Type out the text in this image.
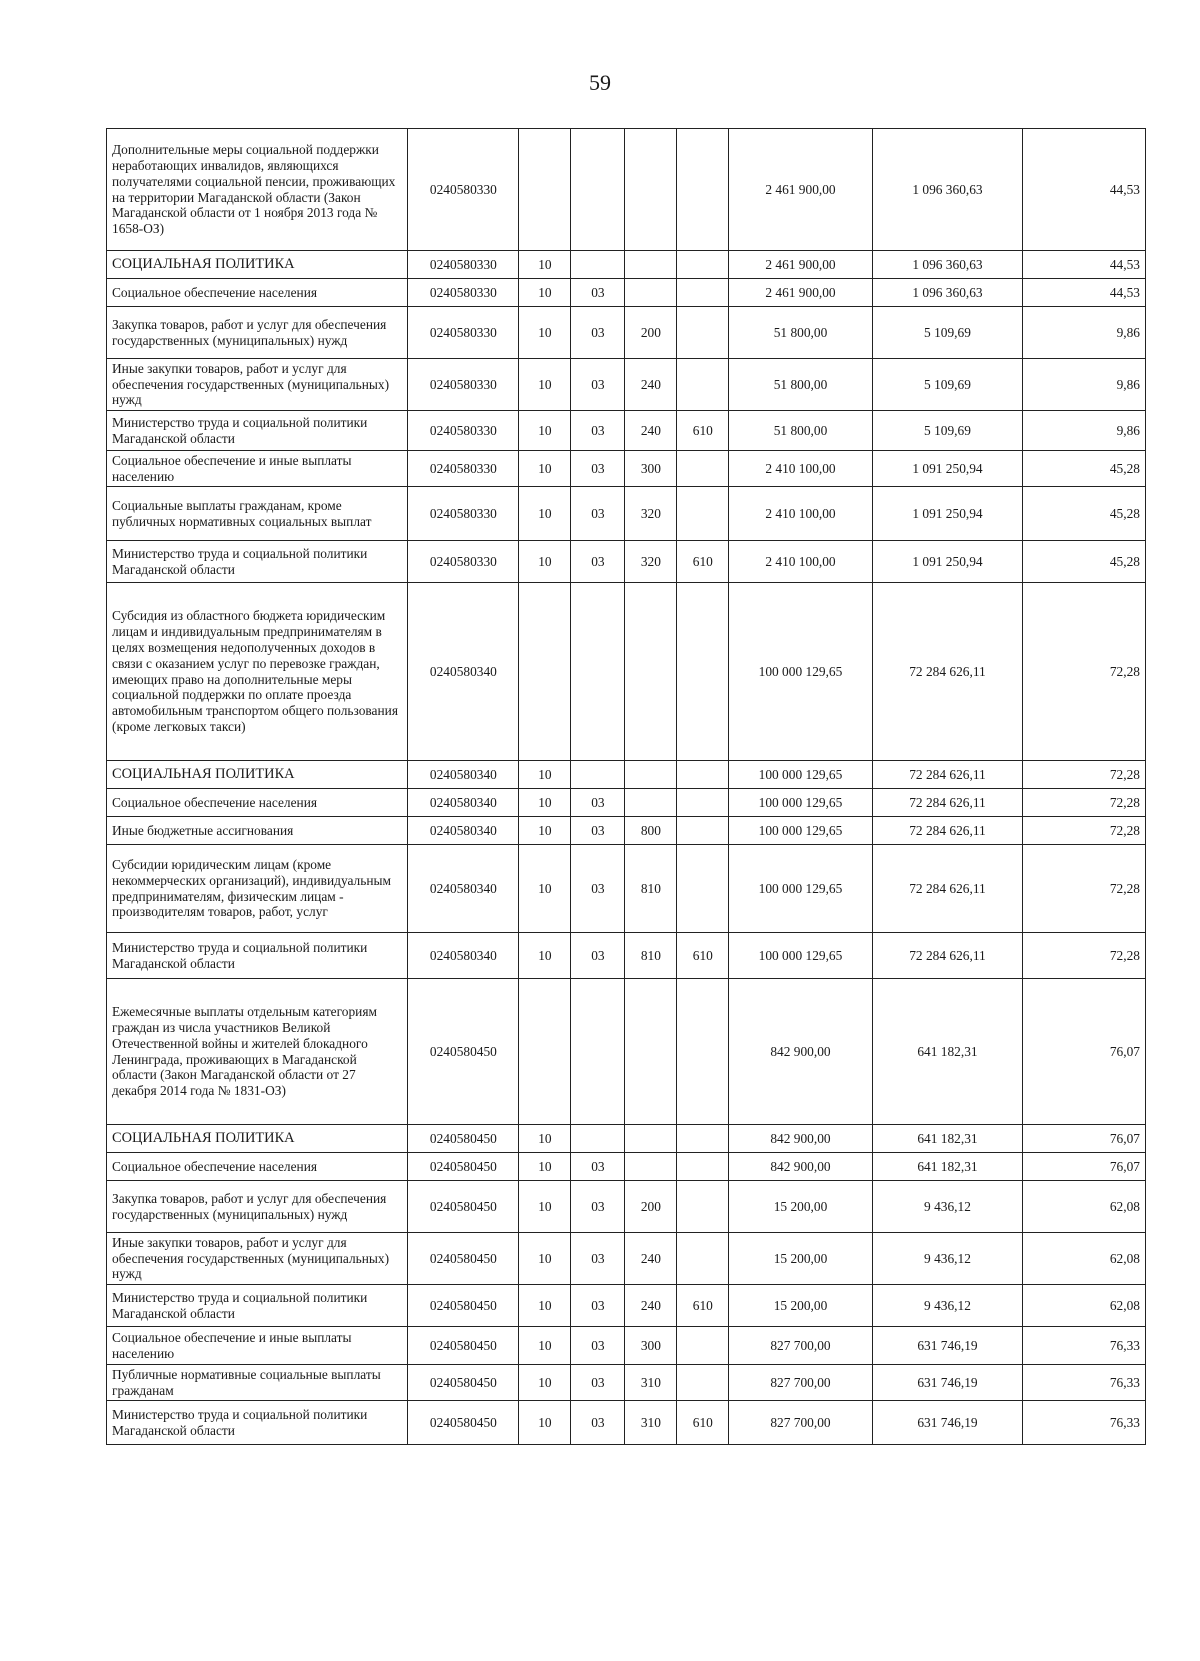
59
Дополнительные меры социальной поддержки неработающих инвалидов, являющихся получателями социальной пенсии, проживающих на территории Магаданской области (Закон Магаданской области от 1 ноября 2013 года № 1658-ОЗ)	0240580330					2 461 900,00	1 096 360,63	44,53
СОЦИАЛЬНАЯ ПОЛИТИКА	0240580330	10				2 461 900,00	1 096 360,63	44,53
Социальное обеспечение населения	0240580330	10	03			2 461 900,00	1 096 360,63	44,53
Закупка товаров, работ и услуг для обеспечения государственных (муниципальных) нужд	0240580330	10	03	200		51 800,00	5 109,69	9,86
Иные закупки товаров, работ и услуг для обеспечения государственных (муниципальных) нужд	0240580330	10	03	240		51 800,00	5 109,69	9,86
Министерство труда и социальной политики Магаданской области	0240580330	10	03	240	610	51 800,00	5 109,69	9,86
Социальное обеспечение и иные выплаты населению	0240580330	10	03	300		2 410 100,00	1 091 250,94	45,28
Социальные выплаты гражданам, кроме публичных нормативных социальных выплат	0240580330	10	03	320		2 410 100,00	1 091 250,94	45,28
Министерство труда и социальной политики Магаданской области	0240580330	10	03	320	610	2 410 100,00	1 091 250,94	45,28
Субсидия из областного бюджета юридическим лицам и индивидуальным предпринимателям в целях возмещения недополученных доходов в связи с оказанием услуг по перевозке граждан, имеющих право на дополнительные меры социальной поддержки по оплате проезда автомобильным транспортом общего пользования (кроме легковых такси)	0240580340					100 000 129,65	72 284 626,11	72,28
СОЦИАЛЬНАЯ ПОЛИТИКА	0240580340	10				100 000 129,65	72 284 626,11	72,28
Социальное обеспечение населения	0240580340	10	03			100 000 129,65	72 284 626,11	72,28
Иные бюджетные ассигнования	0240580340	10	03	800		100 000 129,65	72 284 626,11	72,28
Субсидии юридическим лицам (кроме некоммерческих организаций), индивидуальным предпринимателям, физическим лицам - производителям товаров, работ, услуг	0240580340	10	03	810		100 000 129,65	72 284 626,11	72,28
Министерство труда и социальной политики Магаданской области	0240580340	10	03	810	610	100 000 129,65	72 284 626,11	72,28
Ежемесячные выплаты отдельным категориям граждан из числа участников Великой Отечественной войны и жителей блокадного Ленинграда, проживающих в Магаданской области (Закон Магаданской области от 27 декабря 2014 года № 1831-ОЗ)	0240580450					842 900,00	641 182,31	76,07
СОЦИАЛЬНАЯ ПОЛИТИКА	0240580450	10				842 900,00	641 182,31	76,07
Социальное обеспечение населения	0240580450	10	03			842 900,00	641 182,31	76,07
Закупка товаров, работ и услуг для обеспечения государственных (муниципальных) нужд	0240580450	10	03	200		15 200,00	9 436,12	62,08
Иные закупки товаров, работ и услуг для обеспечения государственных (муниципальных) нужд	0240580450	10	03	240		15 200,00	9 436,12	62,08
Министерство труда и социальной политики Магаданской области	0240580450	10	03	240	610	15 200,00	9 436,12	62,08
Социальное обеспечение и иные выплаты населению	0240580450	10	03	300		827 700,00	631 746,19	76,33
Публичные нормативные социальные выплаты гражданам	0240580450	10	03	310		827 700,00	631 746,19	76,33
Министерство труда и социальной политики Магаданской области	0240580450	10	03	310	610	827 700,00	631 746,19	76,33
